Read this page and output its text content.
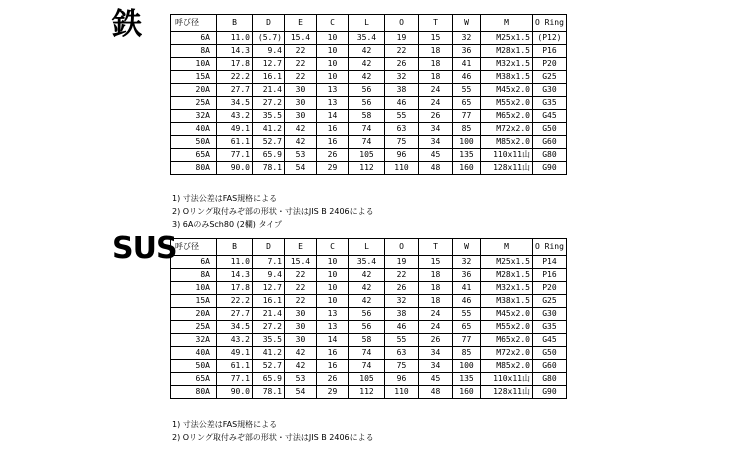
鉄	呼び径	B	D	E	C	L	O	T	W	M	O Ring
6A	11.0	(5.7)	15.4	10	35.4	19	15	32	M25x1.5	(P12)
8A	14.3	9.4	22	10	42	22	18	36	M28x1.5	P16
10A	17.8	12.7	22	10	42	26	18	41	M32x1.5	P20
15A	22.2	16.1	22	10	42	32	18	46	M38x1.5	G25
20A	27.7	21.4	30	13	56	38	24	55	M45x2.0	G30
25A	34.5	27.2	30	13	56	46	24	65	M55x2.0	G35
32A	43.2	35.5	30	14	58	55	26	77	M65x2.0	G45
40A	49.1	41.2	42	16	74	63	34	85	M72x2.0	G50
50A	61.1	52.7	42	16	74	75	34	100	M85x2.0	G60
65A	77.1	65.9	53	26	105	96	45	135	110x11山	G80
80A	90.0	78.1	54	29	112	110	48	160	128x11山	G90
1) 寸法公差はFAS規格による
2) Oリング取付みぞ部の形状・寸法はJIS B 2406による
3) 6AのみSch80 (2欄) タイプ
SUS
呼び径	B	D	E	C	L	O	T	W	M	O Ring
6A	11.0	7.1	15.4	10	35.4	19	15	32	M25x1.5	P14
8A	14.3	9.4	22	10	42	22	18	36	M28x1.5	P16
10A	17.8	12.7	22	10	42	26	18	41	M32x1.5	P20
15A	22.2	16.1	22	10	42	32	18	46	M38x1.5	G25
20A	27.7	21.4	30	13	56	38	24	55	M45x2.0	G30
25A	34.5	27.2	30	13	56	46	24	65	M55x2.0	G35
32A	43.2	35.5	30	14	58	55	26	77	M65x2.0	G45
40A	49.1	41.2	42	16	74	63	34	85	M72x2.0	G50
50A	61.1	52.7	42	16	74	75	34	100	M85x2.0	G60
65A	77.1	65.9	53	26	105	96	45	135	110x11山	G80
80A	90.0	78.1	54	29	112	110	48	160	128x11山	G90
1) 寸法公差はFAS規格による
2) Oリング取付みぞ部の形状・寸法はJIS B 2406による
